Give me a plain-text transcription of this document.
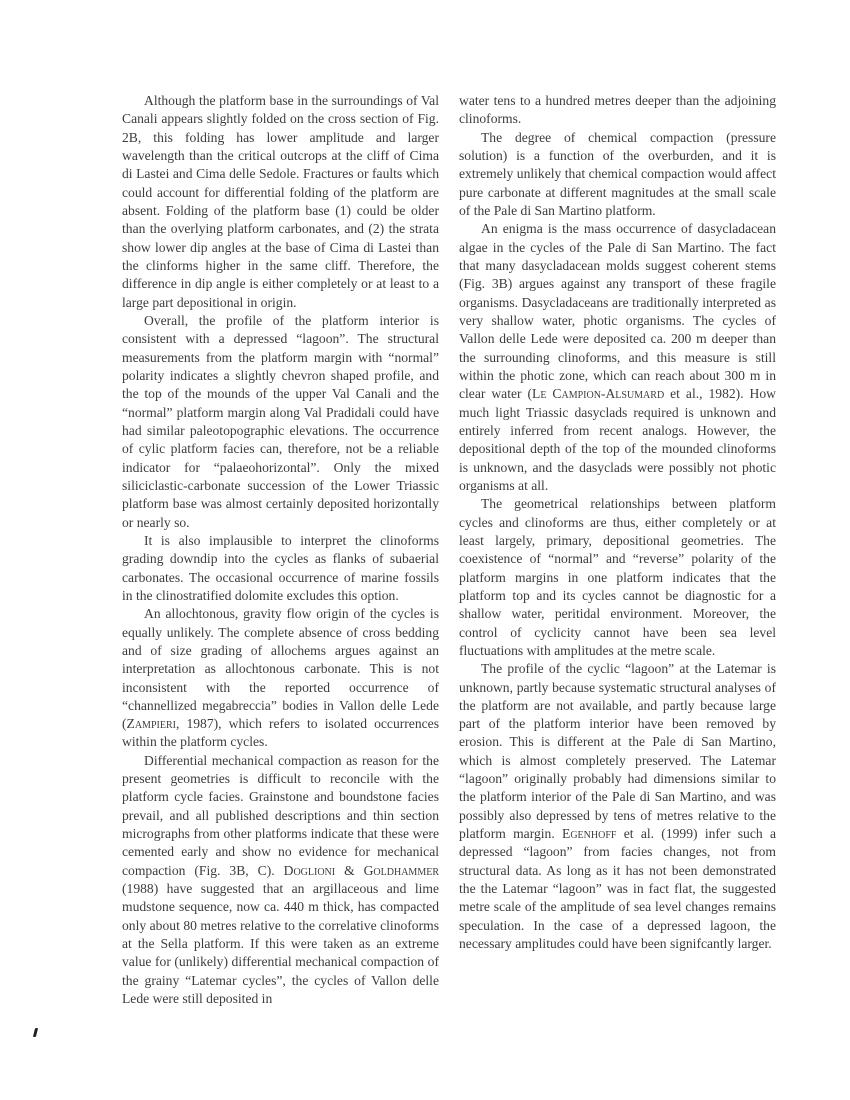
Although the platform base in the surroundings of Val Canali appears slightly folded on the cross section of Fig. 2B, this folding has lower amplitude and larger wavelength than the critical outcrops at the cliff of Cima di Lastei and Cima delle Sedole. Fractures or faults which could account for differential folding of the platform are absent. Folding of the platform base (1) could be older than the overlying platform carbonates, and (2) the strata show lower dip angles at the base of Cima di Lastei than the clinforms higher in the same cliff. Therefore, the difference in dip angle is either completely or at least to a large part depositional in origin.

Overall, the profile of the platform interior is consistent with a depressed “lagoon”. The structural measurements from the platform margin with “normal” polarity indicates a slightly chevron shaped profile, and the top of the mounds of the upper Val Canali and the “normal” platform margin along Val Pradidali could have had similar paleotopographic elevations. The occurrence of cylic platform facies can, therefore, not be a reliable indicator for “palaeohorizontal”. Only the mixed siliciclastic-carbonate succession of the Lower Triassic platform base was almost certainly deposited horizontally or nearly so.

It is also implausible to interpret the clinoforms grading downdip into the cycles as flanks of subaerial carbonates. The occasional occurrence of marine fossils in the clinostratified dolomite excludes this option.

An allochtonous, gravity flow origin of the cycles is equally unlikely. The complete absence of cross bedding and of size grading of allochems argues against an interpretation as allochtonous carbonate. This is not inconsistent with the reported occurrence of “channellized megabreccia” bodies in Vallon delle Lede (Zampieri, 1987), which refers to isolated occurrences within the platform cycles.

Differential mechanical compaction as reason for the present geometries is difficult to reconcile with the platform cycle facies. Grainstone and boundstone facies prevail, and all published descriptions and thin section micrographs from other platforms indicate that these were cemented early and show no evidence for mechanical compaction (Fig. 3B, C). Doglioni & Goldhammer (1988) have suggested that an argillaceous and lime mudstone sequence, now ca. 440 m thick, has compacted only about 80 metres relative to the correlative clinoforms at the Sella platform. If this were taken as an extreme value for (unlikely) differential mechanical compaction of the grainy “Latemar cycles”, the cycles of Vallon delle Lede were still deposited in

water tens to a hundred metres deeper than the adjoining clinoforms.

The degree of chemical compaction (pressure solution) is a function of the overburden, and it is extremely unlikely that chemical compaction would affect pure carbonate at different magnitudes at the small scale of the Pale di San Martino platform.

An enigma is the mass occurrence of dasycladacean algae in the cycles of the Pale di San Martino. The fact that many dasycladacean molds suggest coherent stems (Fig. 3B) argues against any transport of these fragile organisms. Dasycladaceans are traditionally interpreted as very shallow water, photic organisms. The cycles of Vallon delle Lede were deposited ca. 200 m deeper than the surrounding clinoforms, and this measure is still within the photic zone, which can reach about 300 m in clear water (Le Campion-Alsumard et al., 1982). How much light Triassic dasyclads required is unknown and entirely inferred from recent analogs. However, the depositional depth of the top of the mounded clinoforms is unknown, and the dasyclads were possibly not photic organisms at all.

The geometrical relationships between platform cycles and clinoforms are thus, either completely or at least largely, primary, depositional geometries. The coexistence of “normal” and “reverse” polarity of the platform margins in one platform indicates that the platform top and its cycles cannot be diagnostic for a shallow water, peritidal environment. Moreover, the control of cyclicity cannot have been sea level fluctuations with amplitudes at the metre scale.

The profile of the cyclic “lagoon” at the Latemar is unknown, partly because systematic structural analyses of the platform are not available, and partly because large part of the platform interior have been removed by erosion. This is different at the Pale di San Martino, which is almost completely preserved. The Latemar “lagoon” originally probably had dimensions similar to the platform interior of the Pale di San Martino, and was possibly also depressed by tens of metres relative to the platform margin. Egenhoff et al. (1999) infer such a depressed “lagoon” from facies changes, not from structural data. As long as it has not been demonstrated the the Latemar “lagoon” was in fact flat, the suggested metre scale of the amplitude of sea level changes remains speculation. In the case of a depressed lagoon, the necessary amplitudes could have been signifcantly larger.
